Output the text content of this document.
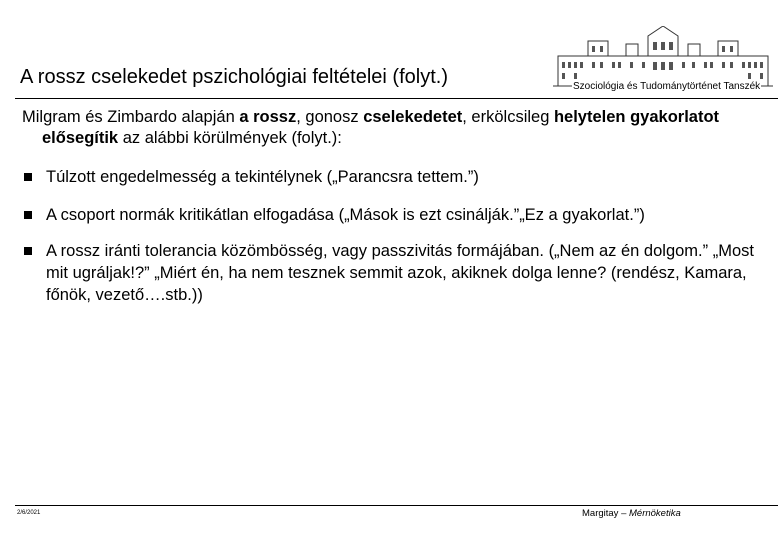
A rossz cselekedet pszichológiai feltételei (folyt.)	Szociológia és Tudománytörténet Tanszék
Milgram és Zimbardo alapján a rossz, gonosz cselekedetet, erkölcsileg helytelen gyakorlatot elősegítik az alábbi körülmények (folyt.):
Túlzott engedelmesség a tekintélynek („Parancsra tettem.”)
A csoport normák kritikátlan elfogadása („Mások is ezt csinálják.”„Ez a gyakorlat.”)
A rossz iránti tolerancia közömbösség, vagy passzivitás formájában. („Nem az én dolgom.” „Most mit ugráljak!?” „Miért én, ha nem tesznek semmit azok, akiknek dolga lenne? (rendész, Kamara, főnök, vezető….stb.))
2/6/2021	Margitay – Mérnöketika
